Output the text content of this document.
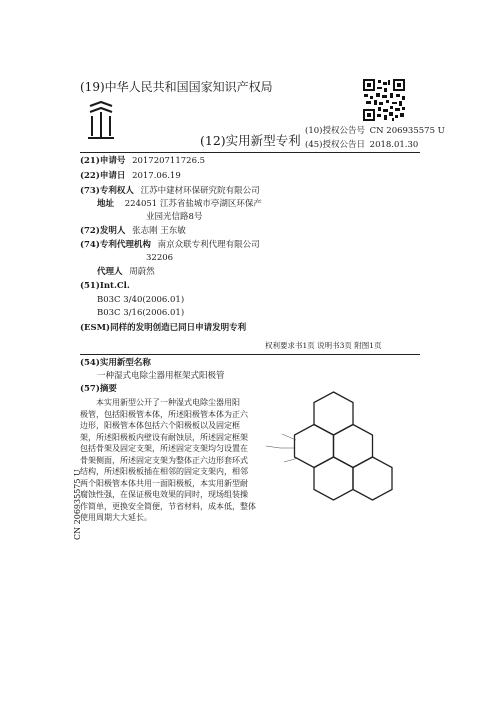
(19)中华人民共和国国家知识产权局
(12)实用新型专利
(10)授权公告号 CN 206935575 U
(45)授权公告日 2018.01.30
(21)申请号 201720711726.5
(22)申请日 2017.06.19
(73)专利权人 江苏中建材环保研究院有限公司
地址 224051 江苏省盐城市亭湖区环保产
业园光信路8号
(72)发明人 张志刚 王东敏
(74)专利代理机构 南京众联专利代理有限公司
32206
代理人 周蔚然
(51)Int.Cl.
B03C 3/40(2006.01)
B03C 3/16(2006.01)
(ESM)同样的发明创造已同日申请发明专利
权利要求书1页 说明书3页 附图1页
(54)实用新型名称
一种湿式电除尘器用框架式阳极管
(57)摘要
本实用新型公开了一种湿式电除尘器用阳
极管，包括阳极管本体，所述阳极管本体为正六
边形，阳极管本体包括六个阳极板以及固定框
架，所述阳极板内壁设有耐蚀层，所述固定框架
包括骨架及固定支架，所述固定支架均匀设置在
骨架侧面，所述固定支架为整体正六边形套环式
结构，所述阳极板插在相邻的固定支架内，相邻
两个阳极管本体共用一面阳极板，本实用新型耐
腐蚀性强，在保证极电效果的同时，现场组装操
作简单，更换安全简便，节省材料，成本低，整体
使用周期大大延长。
CN 206935575 U
